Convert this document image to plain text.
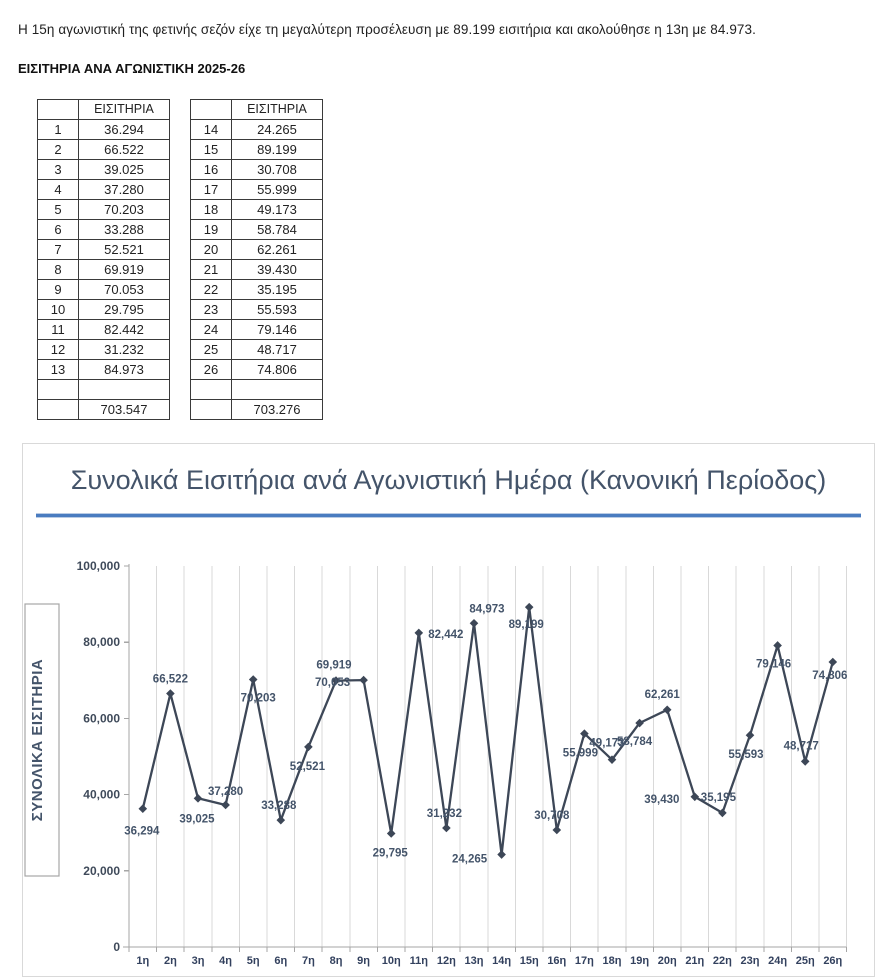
Η 15η αγωνιστική της φετινής σεζόν είχε τη μεγαλύτερη προσέλευση με 89.199 εισιτήρια και ακολούθησε η 13η με 84.973.

ΕΙΣΙΤΗΡΙΑ ΑΝΑ ΑΓΩΝΙΣΤΙΚΗ 2025-26
	ΕΙΣΙΤΗΡΙΑ
1	36.294
2	66.522
3	39.025
4	37.280
5	70.203
6	33.288
7	52.521
8	69.919
9	70.053
10	29.795
11	82.442
12	31.232
13	84.973

	703.547
	ΕΙΣΙΤΗΡΙΑ
14	24.265
15	89.199
16	30.708
17	55.999
18	49.173
19	58.784
20	62.261
21	39.430
22	35.195
23	55.593
24	79.146
25	48.717
26	74.806

	703.276
Συνολικά Εισιτήρια ανά Αγωνιστική Ημέρα (Κανονική Περίοδος)
0
20,000
40,000
60,000
80,000
100,000
1η 2η 3η 4η 5η 6η 7η 8η 9η 10η 11η 12η 13η 14η 15η 16η 17η 18η 19η 20η 21η 22η 23η 24η 25η 26η
ΣΥΝΟΛΙΚΑ ΕΙΣΙΤΗΡΙΑ
36,294
66,522
39,025
37,280
70,203
33,288
52,521
69,919
70,053
29,795
82,442
31,232
84,973
24,265
89,199
30,708
55,999
49,173
58,784
62,261
39,430 35,195
55,593
79,146
48,717
74,806
